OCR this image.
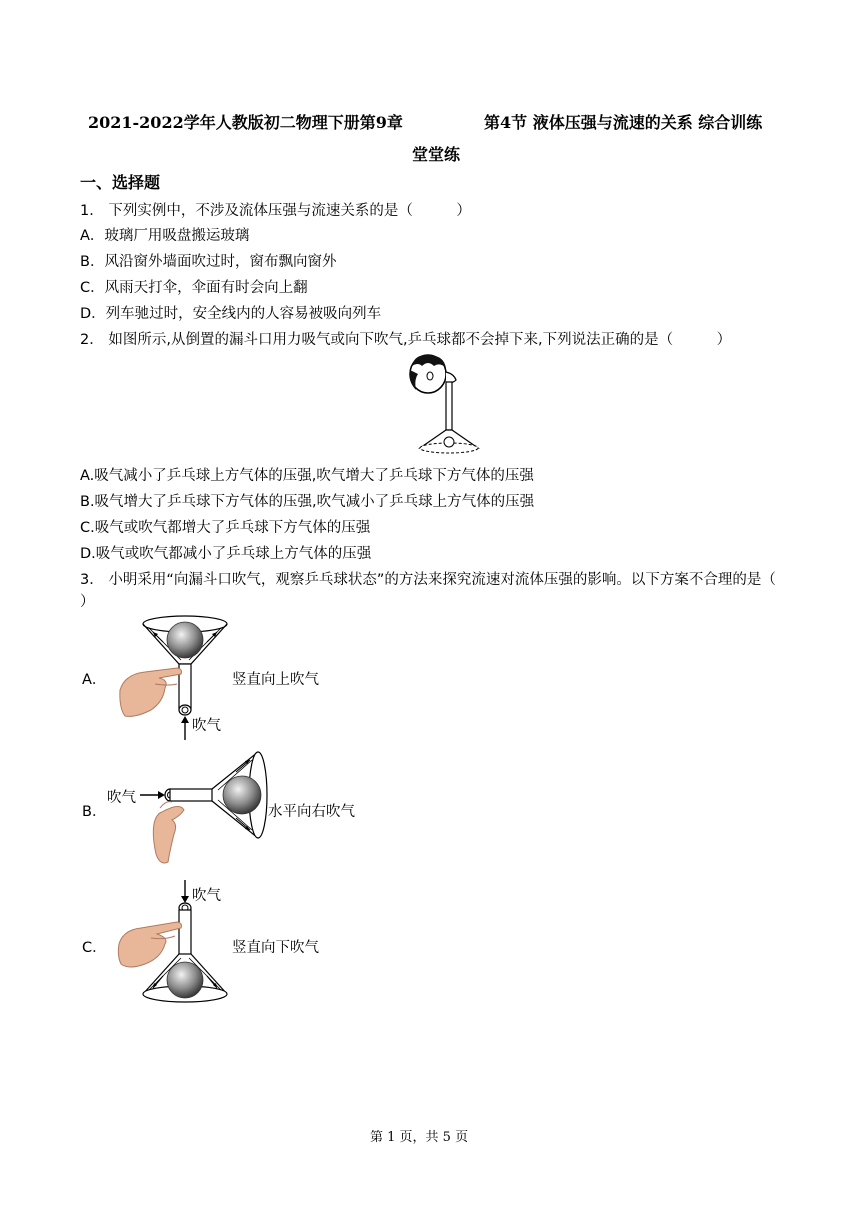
2021-2022学年人教版初二物理下册第9章	第4节 液体压强与流速的关系 综合训练
堂堂练
一、选择题
1． 下列实例中，不涉及流体压强与流速关系的是（　　　）
A．玻璃厂用吸盘搬运玻璃
B．风沿窗外墙面吹过时，窗布飘向窗外
C．风雨天打伞，伞面有时会向上翻
D．列车驰过时，安全线内的人容易被吸向列车
2． 如图所示,从倒置的漏斗口用力吸气或向下吹气,乒乓球都不会掉下来,下列说法正确的是（　　　）
A.吸气减小了乒乓球上方气体的压强,吹气增大了乒乓球下方气体的压强
B.吸气增大了乒乓球下方气体的压强,吹气减小了乒乓球上方气体的压强
C.吸气或吹气都增大了乒乓球下方气体的压强
D.吸气或吹气都减小了乒乓球上方气体的压强
3． 小明采用“向漏斗口吹气，观察乒乓球状态”的方法来探究流速对流体压强的影响。以下方案不合理的是（
）
A．	竖直向上吹气
吹气
吹气
B．	水平向右吹气
吹气
C．	竖直向下吹气
第 1 页，共 5 页
